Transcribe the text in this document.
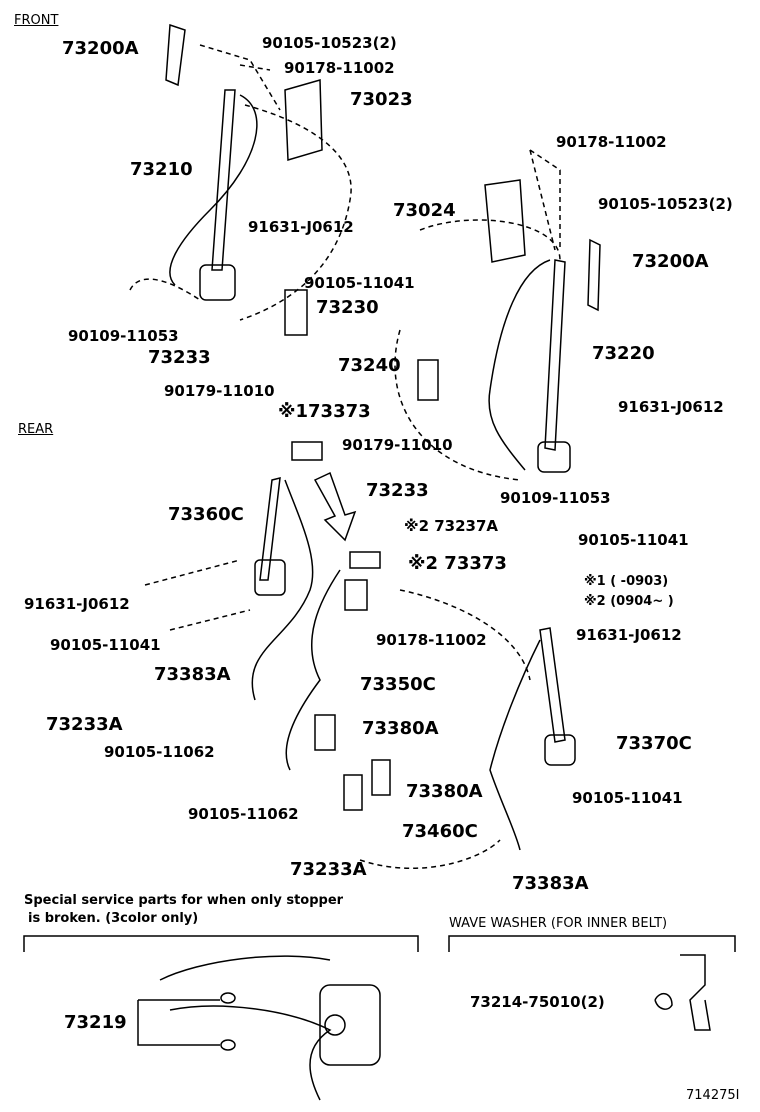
FRONT
REAR
73200A	90105-10523(2)
90178-11002
73023
73210
90178-11002
73024	90105-10523(2)
91631-J0612
73200A
90105-11041
73230
90109-11053
73233	73220
73240
90179-11010
※173373	91631-J0612
90179-11010
73233	90109-11053
73360C
※2 73237A
90105-11041
※2 73373
※1 ( -0903)
※2 (0904~ )
91631-J0612
91631-J0612
90105-11041	90178-11002
73383A	73350C
73233A	73380A
90105-11062	73370C
73380A	90105-11041
90105-11062
73460C
73233A
73383A
Special service parts for when only stopper
is broken. (3color only)	WAVE WASHER (FOR INNER BELT)
73219
73214-75010(2)
714275I
